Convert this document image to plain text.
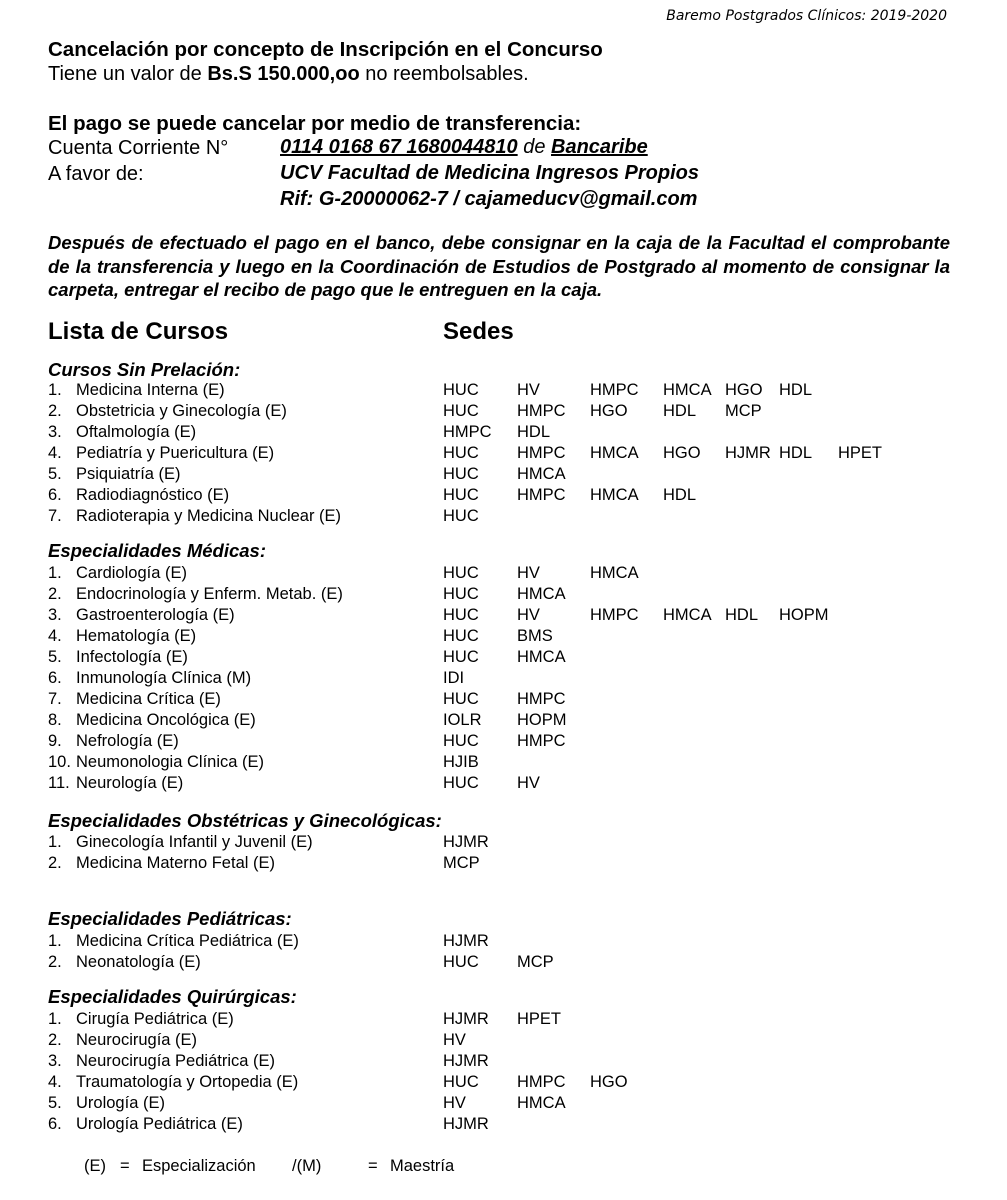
Baremo Postgrados Clínicos: 2019-2020
Cancelación por concepto de Inscripción en el Concurso
Tiene un valor de Bs.S 150.000,oo no reembolsables.
El pago se puede cancelar por medio de transferencia:
Cuenta Corriente N°	0114 0168 67 1680044810 de Bancaribe
A favor de:	UCV Facultad de Medicina Ingresos Propios
Rif: G-20000062-7 / cajameducv@gmail.com

Después de efectuado el pago en el banco, debe consignar en la caja de la Facultad el comprobante de la transferencia y luego en la Coordinación de Estudios de Postgrado al momento de consignar la carpeta, entregar el recibo de pago que le entreguen en la caja.

Lista de Cursos	Sedes
Cursos Sin Prelación:
1. Medicina Interna (E)	HUC HV	HMPC HMCA HGO HDL
2. Obstetricia y Ginecología (E)	HUC HMPC HGO HDL MCP
3. Oftalmología (E)	HMPC HDL
4. Pediatría y Puericultura (E)	HUC HMPC HMCA HGO HJMR HDL HPET
5. Psiquiatría (E)	HUC HMCA
6. Radiodiagnóstico (E)	HUC HMPC HMCA HDL
7. Radioterapia y Medicina Nuclear (E)	HUC
Especialidades Médicas:
1. Cardiología (E)	HUC HV	HMCA
2. Endocrinología y Enferm. Metab. (E)	HUC HMCA
3. Gastroenterología (E)	HUC HV	HMPC HMCA HDL HOPM
4. Hematología (E)	HUC BMS
5. Infectología (E)	HUC HMCA
6. Inmunología Clínica (M)	IDI
7. Medicina Crítica (E)	HUC HMPC
8. Medicina Oncológica (E)	IOLR HOPM
9. Nefrología (E)	HUC HMPC
10. Neumonologia Clínica (E)	HJIB
11. Neurología (E)	HUC HV
Especialidades Obstétricas y Ginecológicas:
1. Ginecología Infantil y Juvenil (E)	HJMR
2. Medicina Materno Fetal (E)	MCP
Especialidades Pediátricas:
1. Medicina Crítica Pediátrica (E)	HJMR
2. Neonatología (E)	HUC MCP
Especialidades Quirúrgicas:
1. Cirugía Pediátrica (E)	HJMR HPET
2. Neurocirugía (E)	HV
3. Neurocirugía Pediátrica (E)	HJMR
4. Traumatología y Ortopedia (E)	HUC HMPC HGO
5. Urología (E)	HV	HMCA
6. Urología Pediátrica (E)	HJMR
(E) = Especialización /(M)	= Maestría
